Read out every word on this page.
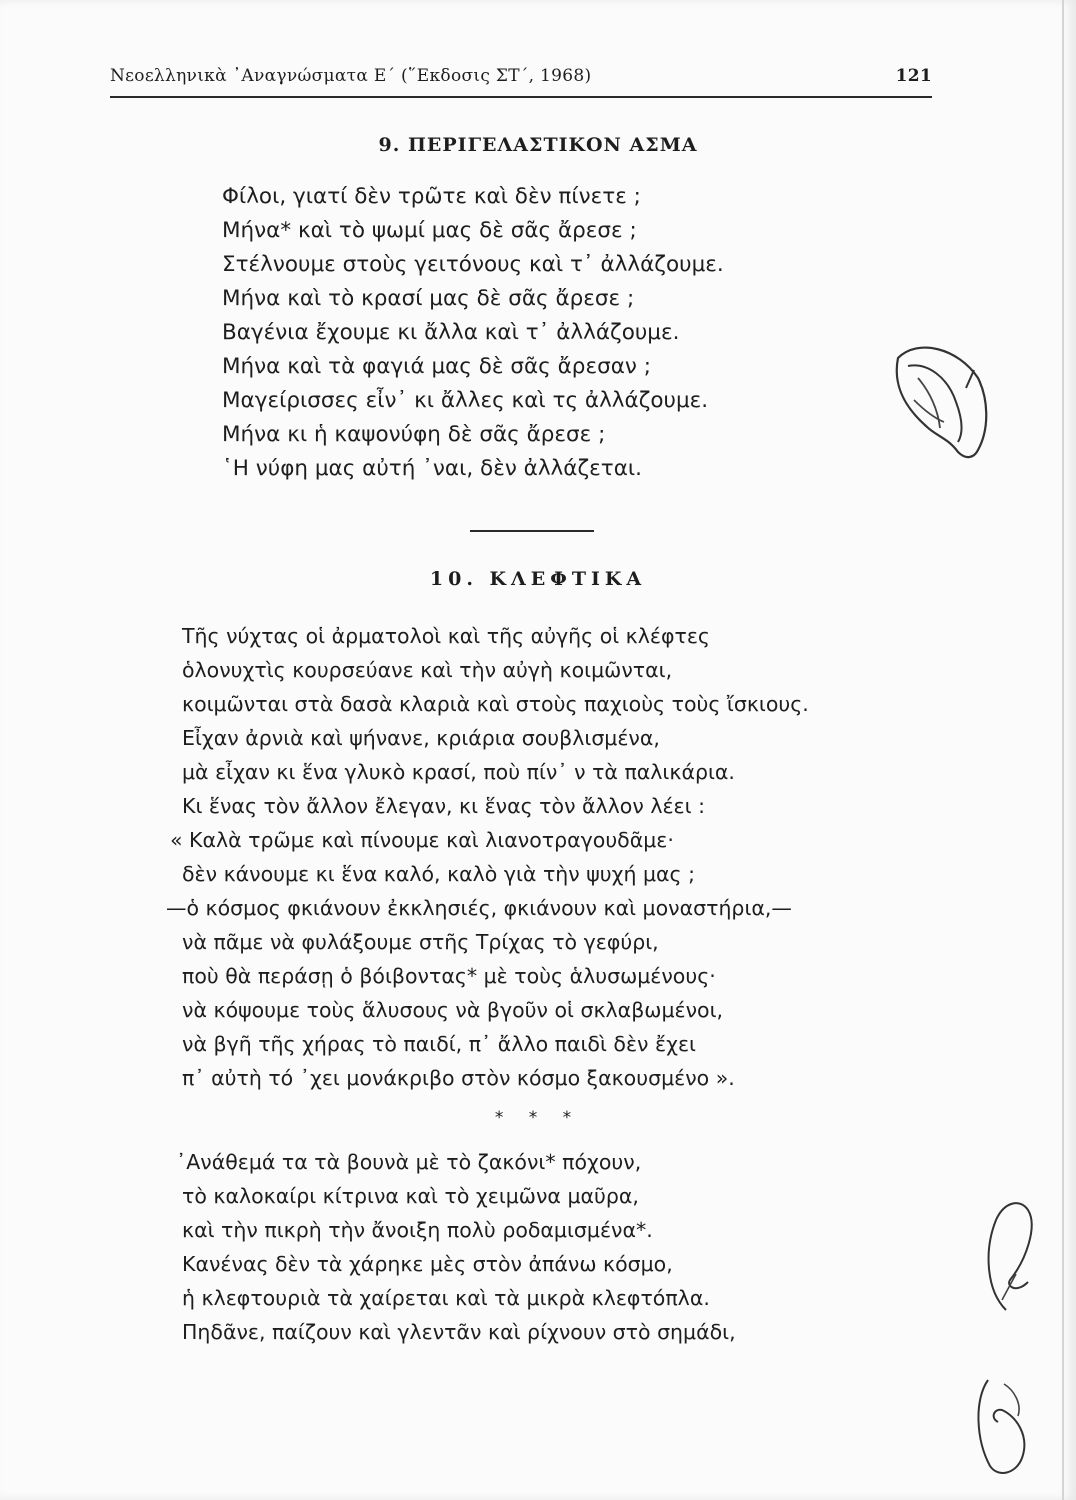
Νεοελληνικὰ ᾿Αναγνώσματα Ε΄ (῞Εκδοσις ΣΤ΄, 1968)	121
9. ΠΕΡΙΓΕΛΑΣΤΙΚΟΝ ΑΣΜΑ
Φίλοι, γιατί δὲν τρῶτε καὶ δὲν πίνετε ;
Μήνα* καὶ τὸ ψωμί μας δὲ σᾶς ἄρεσε ;
Στέλνουμε στοὺς γειτόνους καὶ τ᾿ ἀλλάζουμε.
Μήνα καὶ τὸ κρασί μας δὲ σᾶς ἄρεσε ;
Βαγένια ἔχουμε κι ἄλλα καὶ τ᾿ ἀλλάζουμε.
Μήνα καὶ τὰ φαγιά μας δὲ σᾶς ἄρεσαν ;
Μαγείρισσες εἶν᾿ κι ἄλλες καὶ τς ἀλλάζουμε.
Μήνα κι ἡ καψονύφη δὲ σᾶς ἄρεσε ;
῾Η νύφη μας αὐτή ᾿ναι, δὲν ἀλλάζεται.
10. ΚΛΕΦΤΙΚΑ
Τῆς νύχτας οἱ ἀρματολοὶ καὶ τῆς αὐγῆς οἱ κλέφτες
ὁλονυχτὶς κουρσεύανε καὶ τὴν αὐγὴ κοιμῶνται,
κοιμῶνται στὰ δασὰ κλαριὰ καὶ στοὺς παχιοὺς τοὺς ἴσκιους.
Εἶχαν ἀρνιὰ καὶ ψήνανε, κριάρια σουβλισμένα,
μὰ εἶχαν κι ἕνα γλυκὸ κρασί, ποὺ πίν᾿ ν τὰ παλικάρια.
Κι ἕνας τὸν ἄλλον ἔλεγαν, κι ἕνας τὸν ἄλλον λέει :
« Καλὰ τρῶμε καὶ πίνουμε καὶ λιανοτραγουδᾶμε·
δὲν κάνουμε κι ἕνα καλό, καλὸ γιὰ τὴν ψυχή μας ;
—ὁ κόσμος φκιάνουν ἐκκλησιές, φκιάνουν καὶ μοναστήρια,—
νὰ πᾶμε νὰ φυλάξουμε στῆς Τρίχας τὸ γεφύρι,
ποὺ θὰ περάσῃ ὁ βόιβοντας* μὲ τοὺς ἁλυσωμένους·
νὰ κόψουμε τοὺς ἅλυσους νὰ βγοῦν οἱ σκλαβωμένοι,
νὰ βγῆ τῆς χήρας τὸ παιδί, π᾿ ἄλλο παιδὶ δὲν ἔχει
π᾿ αὐτὴ τό ᾿χει μονάκριβο στὸν κόσμο ξακουσμένο ».
* * *
᾿Ανάθεμά τα τὰ βουνὰ μὲ τὸ ζακόνι* πόχουν,
τὸ καλοκαίρι κίτρινα καὶ τὸ χειμῶνα μαῦρα,
καὶ τὴν πικρὴ τὴν ἄνοιξη πολὺ ροδαμισμένα*.
Κανένας δὲν τὰ χάρηκε μὲς στὸν ἀπάνω κόσμο,
ἡ κλεφτουριὰ τὰ χαίρεται καὶ τὰ μικρὰ κλεφτόπλα.
Πηδᾶνε, παίζουν καὶ γλεντᾶν καὶ ρίχνουν στὸ σημάδι,
